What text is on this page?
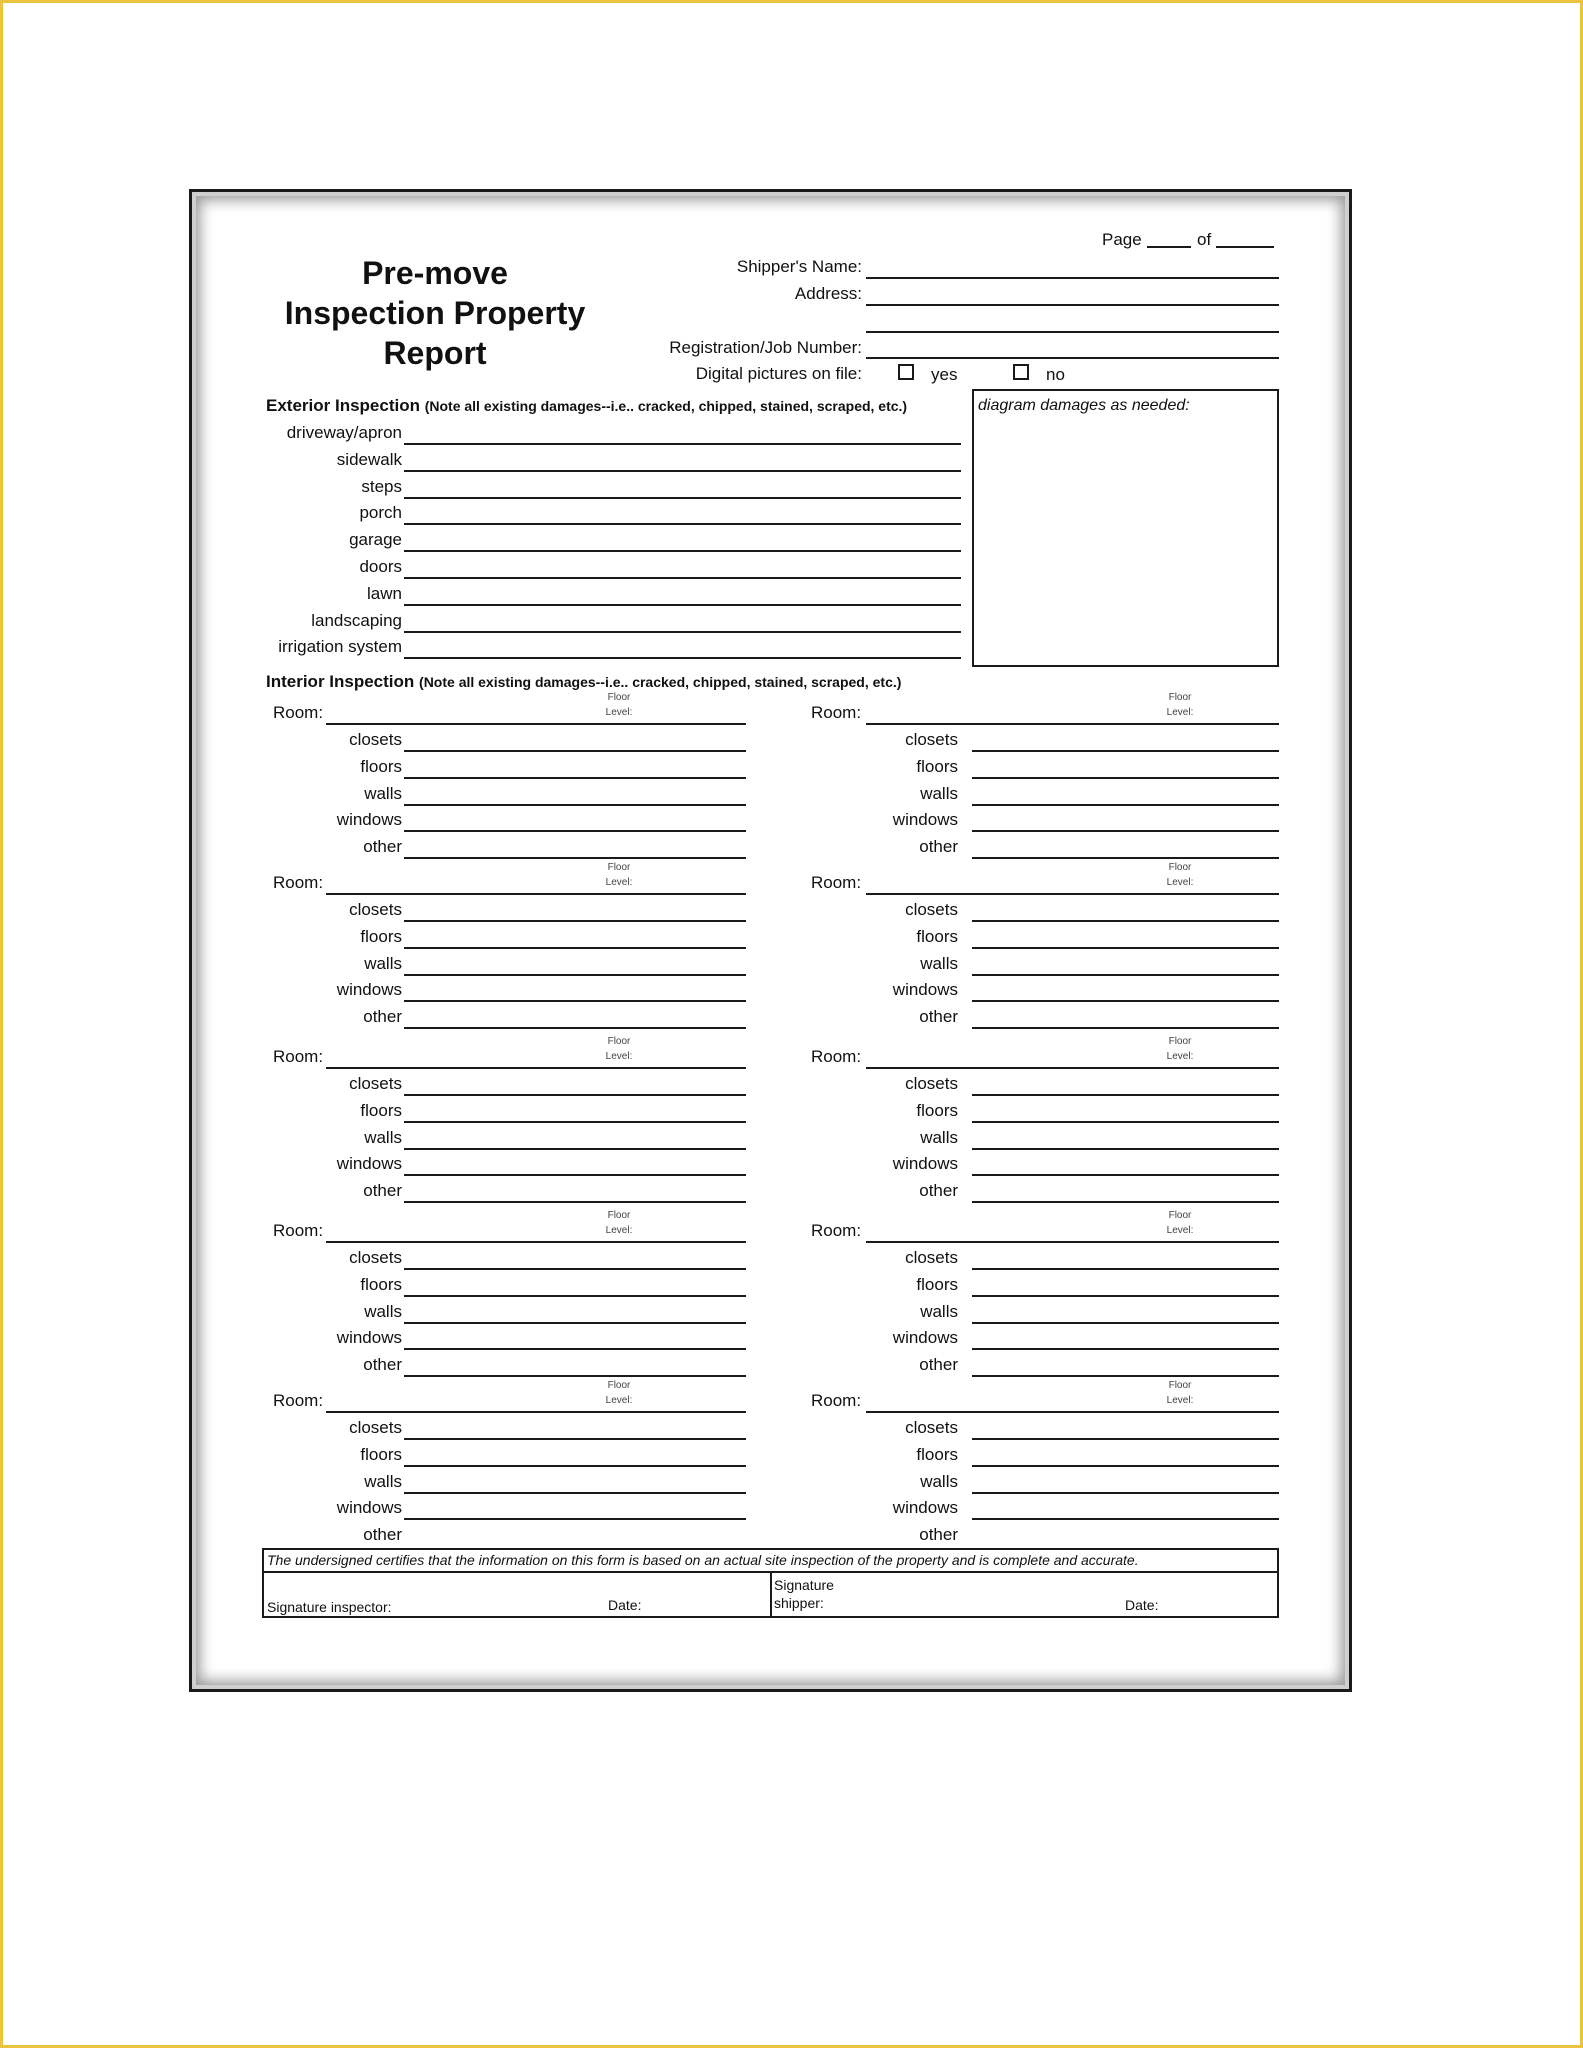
Pre-move
Inspection Property
Report
Page	of
Shipper's Name:
Address:
Registration/Job Number:
Digital pictures on file:	yes	no
Exterior Inspection (Note all existing damages--i.e.. cracked, chipped, stained, scraped, etc.)
driveway/apron
sidewalk
steps
porch
garage
doors
lawn
landscaping
irrigation system
diagram damages as needed:
Interior Inspection (Note all existing damages--i.e.. cracked, chipped, stained, scraped, etc.)
Room:
Floor
Level:
closets
floors
walls
windows
other
Room:
Floor
Level:
closets
floors
walls
windows
other
Room:
Floor
Level:
closets
floors
walls
windows
other
Room:
Floor
Level:
closets
floors
walls
windows
other
Room:
Floor
Level:
closets
floors
walls
windows
other
Room:
Floor
Level:
closets
floors
walls
windows
other
Room:
Floor
Level:
closets
floors
walls
windows
other
Room:
Floor
Level:
closets
floors
walls
windows
other
Room:
Floor
Level:
closets
floors
walls
windows
other
Room:
Floor
Level:
closets
floors
walls
windows
other
The undersigned certifies that the information on this form is based on an actual site inspection of the property and is complete and accurate.
Signature inspector:	Date:
Signature
shipper:	Date:
